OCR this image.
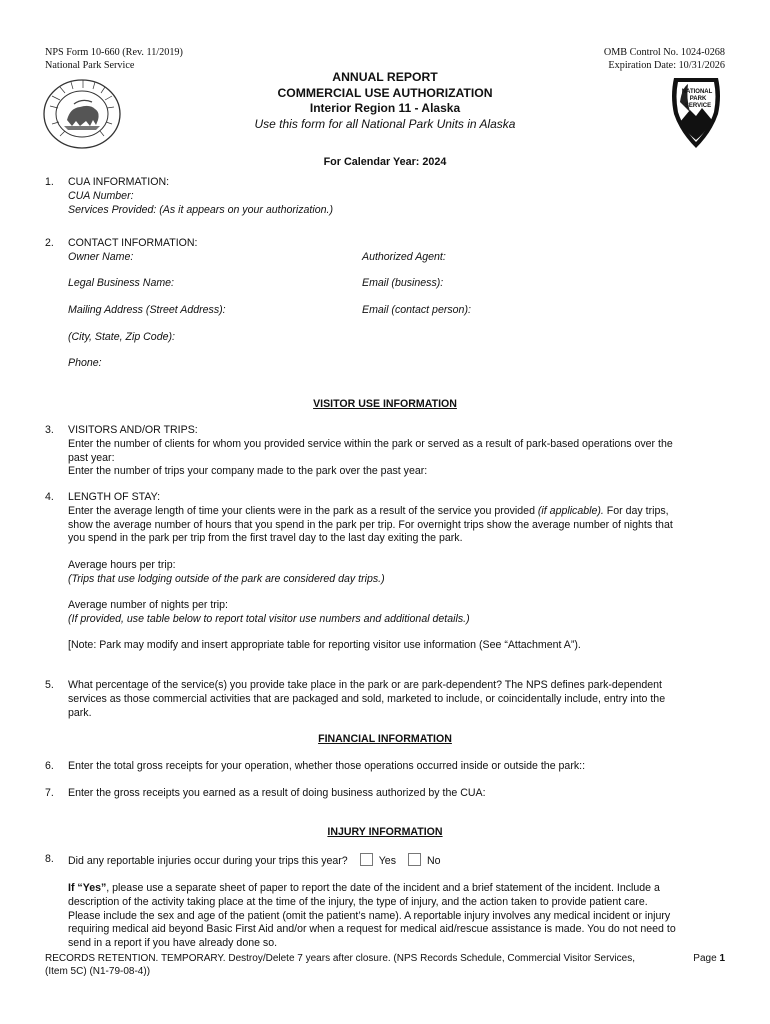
NPS Form 10-660 (Rev. 11/2019)
National Park Service
OMB Control No. 1024-0268
Expiration Date: 10/31/2026
NATIONAL
PARK
SERVICE
ANNUAL REPORT
COMMERCIAL USE AUTHORIZATION
Interior Region 11 - Alaska
Use this form for all National Park Units in Alaska
For Calendar Year: 2024
1. CUA INFORMATION:
CUA Number:
Services Provided: (As it appears on your authorization.)
2. CONTACT INFORMATION:
Owner Name:	Authorized Agent:
Legal Business Name:	Email (business):
Mailing Address (Street Address):	Email (contact person):
(City, State, Zip Code):
Phone:
VISITOR USE INFORMATION
3. VISITORS AND/OR TRIPS:
Enter the number of clients for whom you provided service within the park or served as a result of park-based operations over the
past year:
Enter the number of trips your company made to the park over the past year:
4. LENGTH OF STAY:
Enter the average length of time your clients were in the park as a result of the service you provided (if applicable). For day trips,
show the average number of hours that you spend in the park per trip. For overnight trips show the average number of nights that
you spend in the park per trip from the first travel day to the last day exiting the park.
Average hours per trip:
(Trips that use lodging outside of the park are considered day trips.)
Average number of nights per trip:
(If provided, use table below to report total visitor use numbers and additional details.)
[Note: Park may modify and insert appropriate table for reporting visitor use information (See “Attachment A”).
5. What percentage of the service(s) you provide take place in the park or are park-dependent? The NPS defines park-dependent
services as those commercial activities that are packaged and sold, marketed to include, or coincidentally include, entry into the
park.
FINANCIAL INFORMATION
6. Enter the total gross receipts for your operation, whether those operations occurred inside or outside the park::
7. Enter the gross receipts you earned as a result of doing business authorized by the CUA:
INJURY INFORMATION
8. Did any reportable injuries occur during your trips this year?	Yes	No
If “Yes”, please use a separate sheet of paper to report the date of the incident and a brief statement of the incident. Include a
description of the activity taking place at the time of the injury, the type of injury, and the action taken to provide patient care.
Please include the sex and age of the patient (omit the patient’s name). A reportable injury involves any medical incident or injury
requiring medical aid beyond Basic First Aid and/or when a request for medical aid/rescue assistance is made. You do not need to
send in a report if you have already done so.
RECORDS RETENTION. TEMPORARY. Destroy/Delete 7 years after closure. (NPS Records Schedule, Commercial Visitor Services,
(Item 5C) (N1-79-08-4))
Page 1
